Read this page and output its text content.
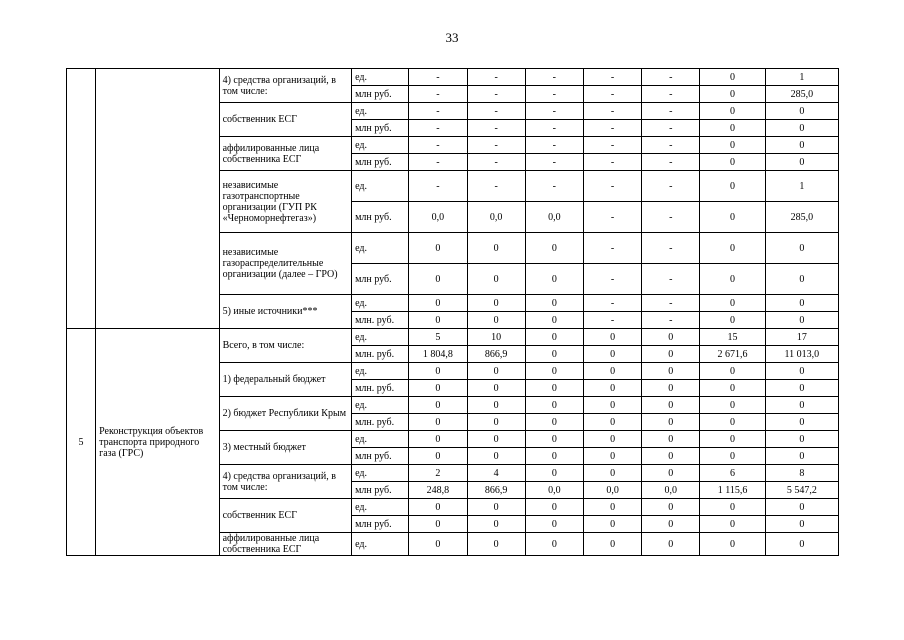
33
		4) средства организаций, в том числе:	ед.	-	-	-	-	-	0	1
			млн руб.	-	-	-	-	-	0	285,0
		собственник ЕСГ	ед.	-	-	-	-	-	0	0
			млн руб.	-	-	-	-	-	0	0
		аффилированные лица собственника ЕСГ	ед.	-	-	-	-	-	0	0
			млн руб.	-	-	-	-	-	0	0
		независимые газотранспортные организации (ГУП РК «Черноморнефтегаз»)	ед.	-	-	-	-	-	0	1
			млн руб.	0,0	0,0	0,0	-	-	0	285,0
		независимые газораспределительные организации (далее – ГРО)	ед.	0	0	0	-	-	0	0
			млн руб.	0	0	0	-	-	0	0
		5) иные источники***	ед.	0	0	0	-	-	0	0
			млн. руб.	0	0	0	-	-	0	0
5	Реконструкция объектов транспорта природного газа (ГРС)	Всего, в том числе:	ед.	5	10	0	0	0	15	17
			млн. руб.	1 804,8	866,9	0	0	0	2 671,6	11 013,0
		1) федеральный бюджет	ед.	0	0	0	0	0	0	0
			млн. руб.	0	0	0	0	0	0	0
		2) бюджет Республики Крым	ед.	0	0	0	0	0	0	0
			млн. руб.	0	0	0	0	0	0	0
		3) местный бюджет	ед.	0	0	0	0	0	0	0
			млн руб.	0	0	0	0	0	0	0
		4) средства организаций, в том числе:	ед.	2	4	0	0	0	6	8
			млн руб.	248,8	866,9	0,0	0,0	0,0	1 115,6	5 547,2
		собственник ЕСГ	ед.	0	0	0	0	0	0	0
			млн руб.	0	0	0	0	0	0	0
		аффилированные лица собственника ЕСГ	ед.	0	0	0	0	0	0	0
